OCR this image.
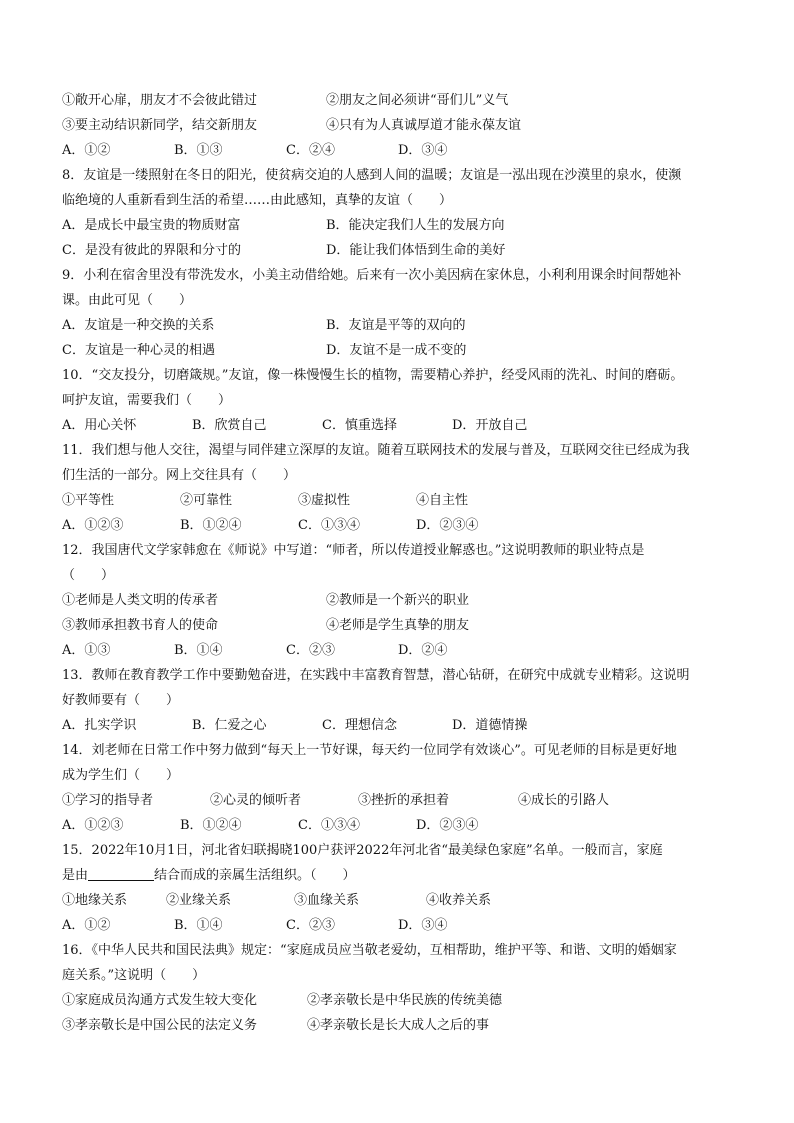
①敞开心扉，朋友才不会彼此错过	②朋友之间必须讲“哥们儿”义气
③要主动结识新同学，结交新朋友	④只有为人真诚厚道才能永葆友谊
A．①②	B．①③	C．②④	D．③④
8．友谊是一缕照射在冬日的阳光，使贫病交迫的人感到人间的温暖；友谊是一泓出现在沙漠里的泉水，使濒
临绝境的人重新看到生活的希望……由此感知，真挚的友谊（　　）
A．是成长中最宝贵的物质财富	B．能决定我们人生的发展方向
C．是没有彼此的界限和分寸的	D．能让我们体悟到生命的美好
9．小利在宿舍里没有带洗发水，小美主动借给她。后来有一次小美因病在家休息，小利利用课余时间帮她补
课。由此可见（　　）
A．友谊是一种交换的关系	B．友谊是平等的双向的
C．友谊是一种心灵的相遇	D．友谊不是一成不变的
10．“交友投分，切磨箴规。”友谊，像一株慢慢生长的植物，需要精心养护，经受风雨的洗礼、时间的磨砺。
呵护友谊，需要我们（　　）
A．用心关怀	B．欣赏自己	C．慎重选择	D．开放自己
11．我们想与他人交往，渴望与同伴建立深厚的友谊。随着互联网技术的发展与普及，互联网交往已经成为我
们生活的一部分。网上交往具有（　　）
①平等性	②可靠性	③虚拟性	④自主性
A．①②③	B．①②④	C．①③④	D．②③④
12．我国唐代文学家韩愈在《师说》中写道：“师者，所以传道授业解惑也。”这说明教师的职业特点是
（　　）
①老师是人类文明的传承者	②教师是一个新兴的职业
③教师承担教书育人的使命	④老师是学生真挚的朋友
A．①③	B．①④	C．②③	D．②④
13．教师在教育教学工作中要勤勉奋进，在实践中丰富教育智慧，潜心钻研，在研究中成就专业精彩。这说明
好教师要有（　　）
A．扎实学识	B．仁爱之心	C．理想信念	D．道德情操
14．刘老师在日常工作中努力做到“每天上一节好课，每天约一位同学有效谈心”。可见老师的目标是更好地
成为学生们（　　）
①学习的指导者	②心灵的倾听者	③挫折的承担着	④成长的引路人
A．①②③	B．①②④	C．①③④	D．②③④
15．2022年10月1日，河北省妇联揭晓100户获评2022年河北省“最美绿色家庭”名单。一般而言，家庭
是由	结合而成的亲属生活组织。（　　）
①地缘关系	②业缘关系	③血缘关系	④收养关系
A．①②	B．①④	C．②③	D．③④
16．《中华人民共和国民法典》规定：“家庭成员应当敬老爱幼，互相帮助，维护平等、和谐、文明的婚姻家
庭关系。”这说明（　　）
①家庭成员沟通方式发生较大变化	②孝亲敬长是中华民族的传统美德
③孝亲敬长是中国公民的法定义务	④孝亲敬长是长大成人之后的事
